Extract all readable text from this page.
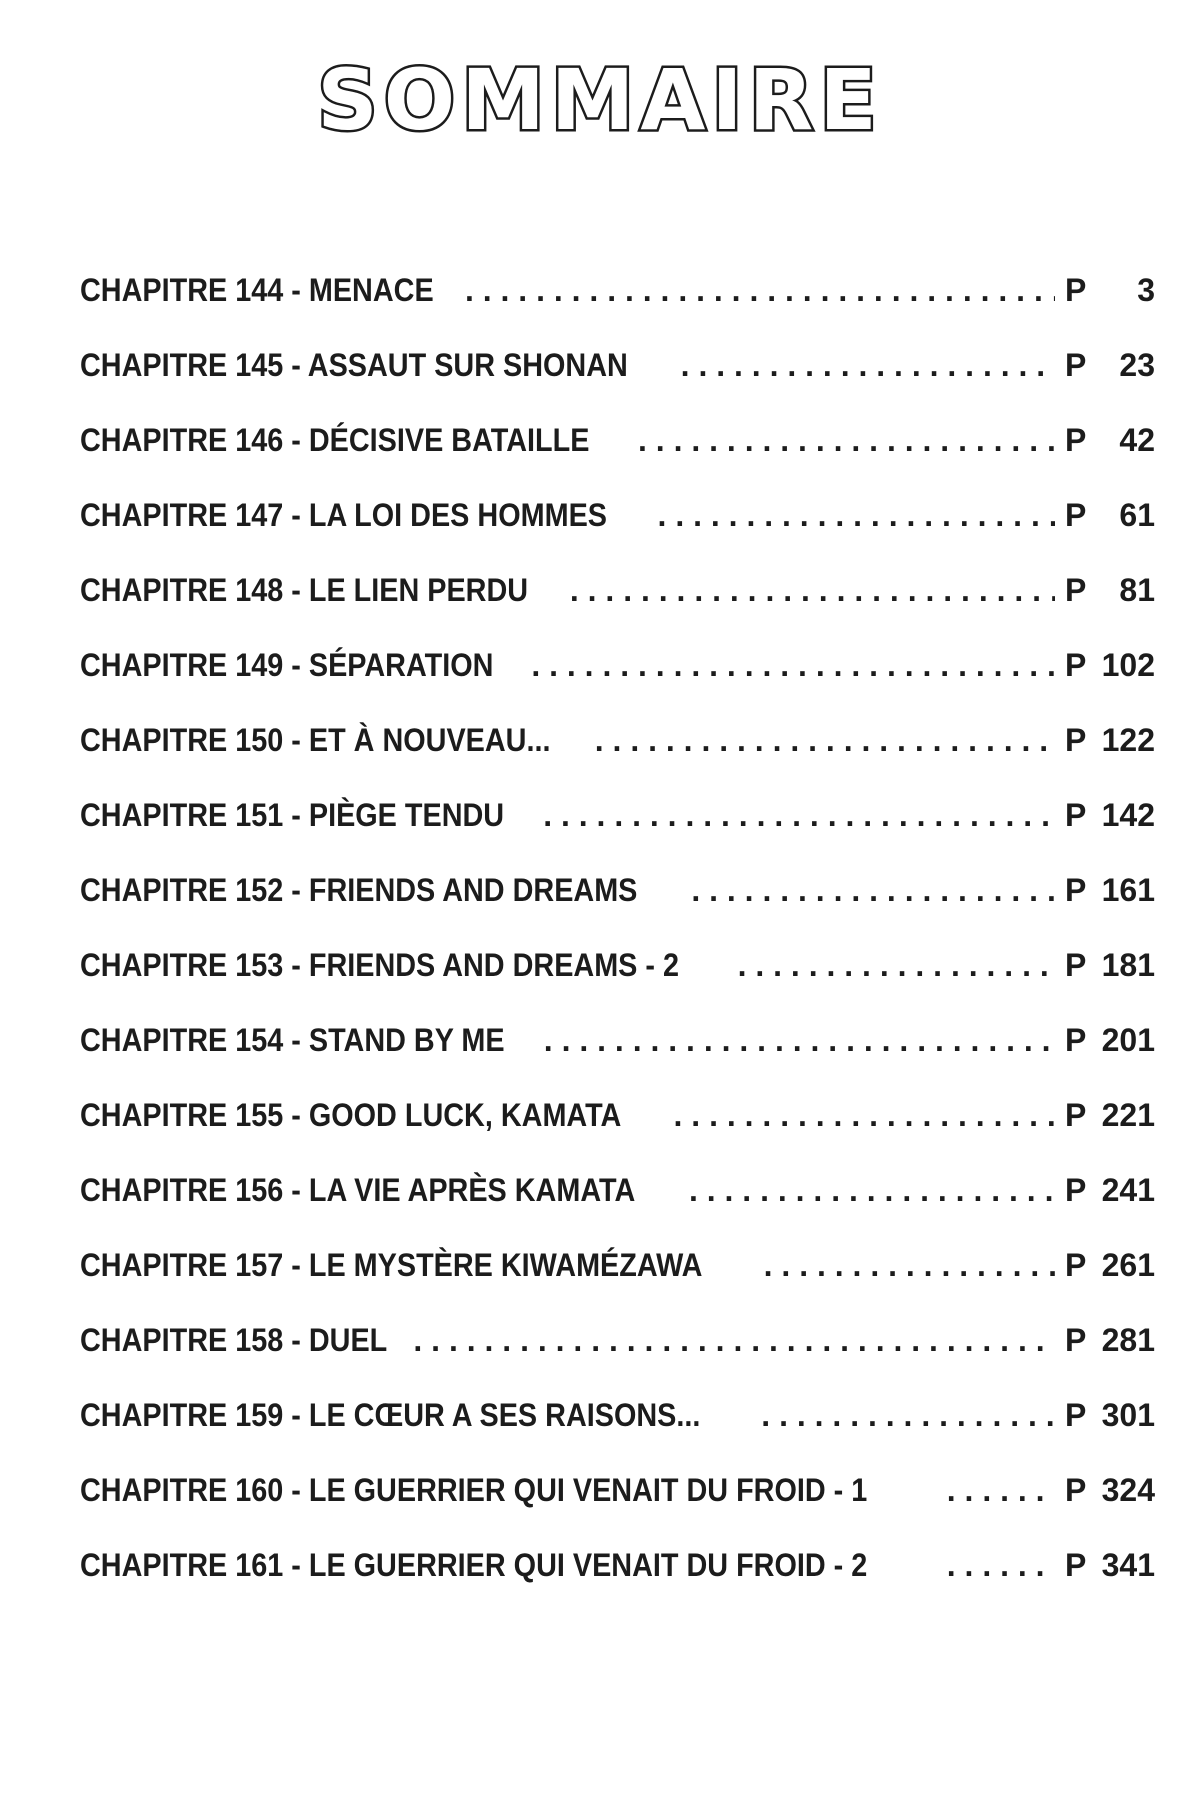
SOMMAIRE
CHAPITRE 144 - MENACE . . .	P	3
CHAPITRE 145 - ASSAUT SUR SHONAN . . .	P	23
CHAPITRE 146 - DÉCISIVE BATAILLE . . .	P	42
CHAPITRE 147 - LA LOI DES HOMMES . . .	P	61
CHAPITRE 148 - LE LIEN PERDU . . .	P	81
CHAPITRE 149 - SÉPARATION . . .	P 102
CHAPITRE 150 - ET À NOUVEAU... . . .	P 122
CHAPITRE 151 - PIÈGE TENDU . . .	P 142
CHAPITRE 152 - FRIENDS AND DREAMS . . .	P 161
CHAPITRE 153 - FRIENDS AND DREAMS - 2 . . .	P 181
CHAPITRE 154 - STAND BY ME . . .	P 201
CHAPITRE 155 - GOOD LUCK, KAMATA . . .	P 221
CHAPITRE 156 - LA VIE APRÈS KAMATA . . .	P 241
CHAPITRE 157 - LE MYSTÈRE KIWAMÉZAWA . . .	P 261
CHAPITRE 158 - DUEL . . .	P 281
CHAPITRE 159 - LE CŒUR A SES RAISONS... . . .	P 301
CHAPITRE 160 - LE GUERRIER QUI VENAIT DU FROID - 1 . . .	P 324
CHAPITRE 161 - LE GUERRIER QUI VENAIT DU FROID - 2 . . .	P 341
